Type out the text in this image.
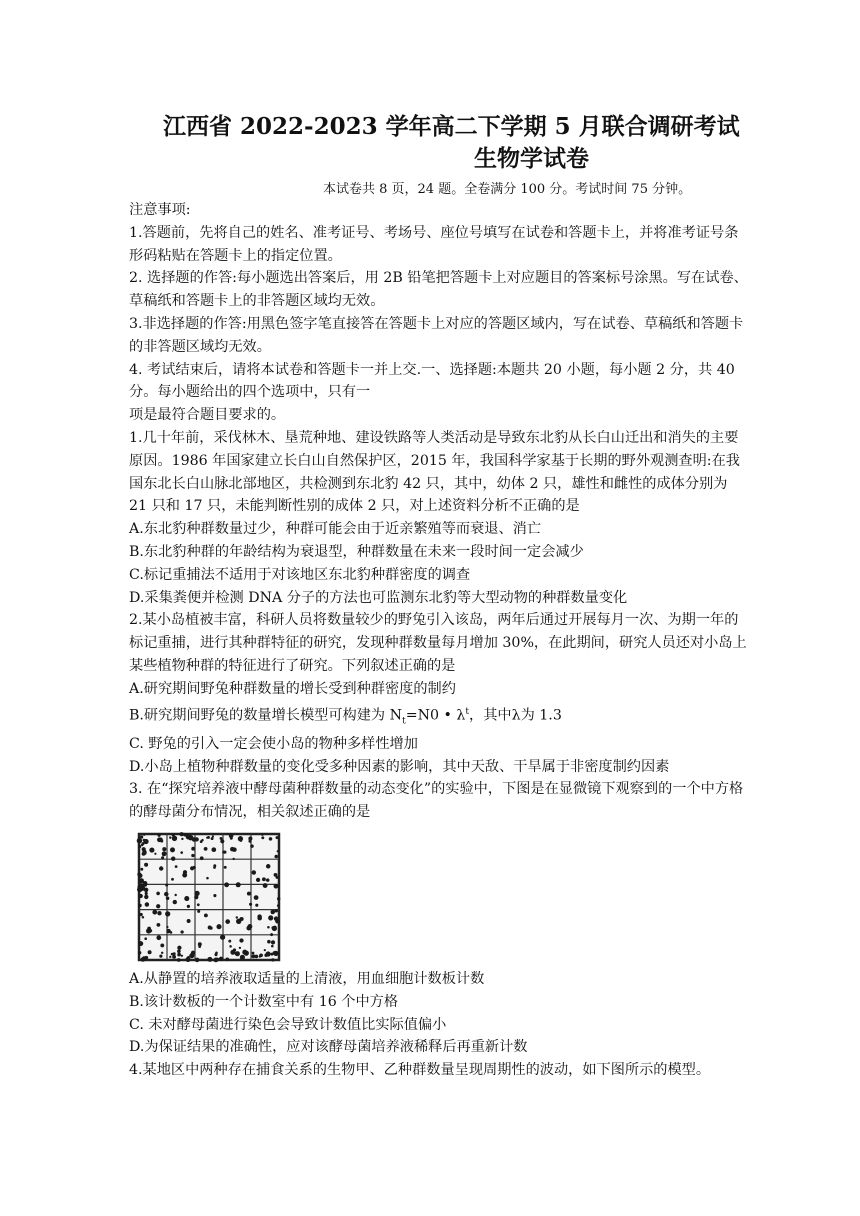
江西省 2022-2023 学年高二下学期 5 月联合调研考试
生物学试卷
本试卷共 8 页，24 题。全卷满分 100 分。考试时间 75 分钟。

注意事项:

1.答题前，先将自己的姓名、准考证号、考场号、座位号填写在试卷和答题卡上，并将准考证号条形码粘贴在答题卡上的指定位置。

2. 选择题的作答:每小题选出答案后，用 2B 铅笔把答题卡上对应题目的答案标号涂黑。写在试卷、草稿纸和答题卡上的非答题区域均无效。

3.非选择题的作答:用黑色签字笔直接答在答题卡上对应的答题区域内，写在试卷、草稿纸和答题卡的非答题区域均无效。

4. 考试结束后，请将本试卷和答题卡一并上交.一、选择题:本题共 20 小题，每小题 2 分，共 40 分。每小题给出的四个选项中，只有一

项是最符合题目要求的。

1.几十年前，采伐林木、垦荒种地、建设铁路等人类活动是导致东北豹从长白山迁出和消失的主要原因。1986 年国家建立长白山自然保护区，2015 年，我国科学家基于长期的野外观测查明:在我国东北长白山脉北部地区，共检测到东北豹 42 只，其中，幼体 2 只，雄性和雌性的成体分别为 21 只和 17 只，未能判断性别的成体 2 只，对上述资料分析不正确的是

A.东北豹种群数量过少，种群可能会由于近亲繁殖等而衰退、消亡

B.东北豹种群的年龄结构为衰退型，种群数量在未来一段时间一定会减少

C.标记重捕法不适用于对该地区东北豹种群密度的调查

D.采集粪便并检测 DNA 分子的方法也可监测东北豹等大型动物的种群数量变化

2.某小岛植被丰富，科研人员将数量较少的野兔引入该岛，两年后通过开展每月一次、为期一年的标记重捕，进行其种群特征的研究，发现种群数量每月增加 30%，在此期间，研究人员还对小岛上某些植物种群的特征进行了研究。下列叙述正确的是

A.研究期间野兔种群数量的增长受到种群密度的制约

B.研究期间野兔的数量增长模型可构建为 $N_t=N0$ • $\lambda^t$，其中λ为 1.3

C. 野兔的引入一定会使小岛的物种多样性增加

D.小岛上植物种群数量的变化受多种因素的影响，其中天敌、干旱属于非密度制约因素

3. 在“探究培养液中酵母菌种群数量的动态变化”的实验中，下图是在显微镜下观察到的一个中方格的酵母菌分布情况，相关叙述正确的是

A.从静置的培养液取适量的上清液，用血细胞计数板计数

B.该计数板的一个计数室中有 16 个中方格

C. 未对酵母菌进行染色会导致计数值比实际值偏小

D.为保证结果的准确性，应对该酵母菌培养液稀释后再重新计数

4.某地区中两种存在捕食关系的生物甲、乙种群数量呈现周期性的波动，如下图所示的模型。
